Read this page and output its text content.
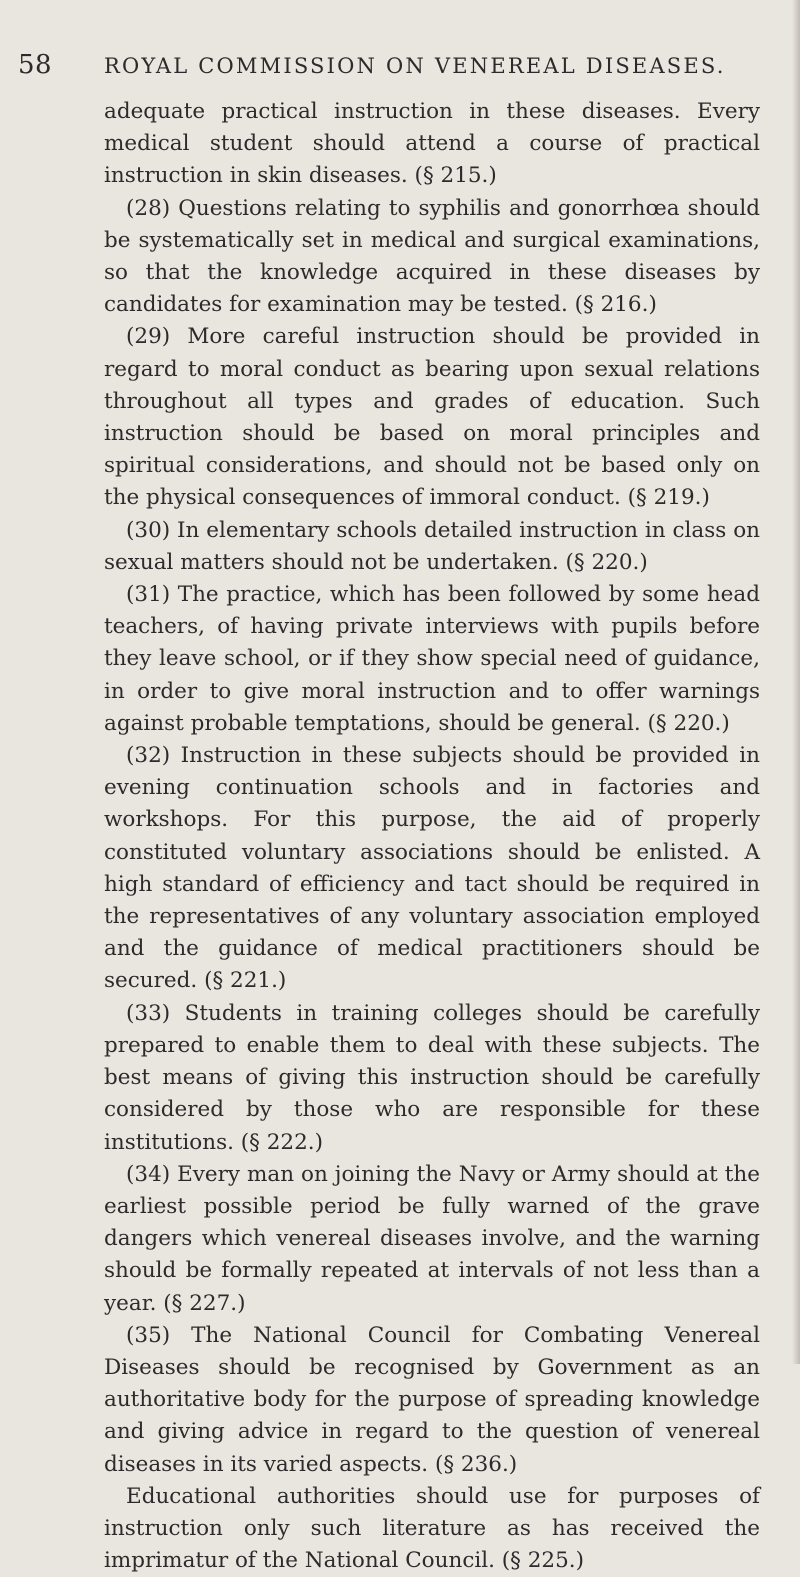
58	ROYAL COMMISSION ON VENEREAL DISEASES.

adequate practical instruction in these diseases. Every medical student should attend a course of practical instruction in skin diseases. (§ 215.)

(28) Questions relating to syphilis and gonorrhœa should be systematically set in medical and surgical examinations, so that the knowledge acquired in these diseases by candidates for examination may be tested. (§ 216.)

(29) More careful instruction should be provided in regard to moral conduct as bearing upon sexual relations throughout all types and grades of education. Such instruction should be based on moral principles and spiritual considerations, and should not be based only on the physical consequences of immoral conduct. (§ 219.)

(30) In elementary schools detailed instruction in class on sexual matters should not be undertaken. (§ 220.)

(31) The practice, which has been followed by some head teachers, of having private interviews with pupils before they leave school, or if they show special need of guidance, in order to give moral instruction and to offer warnings against probable temptations, should be general. (§ 220.)

(32) Instruction in these subjects should be provided in evening continuation schools and in factories and workshops. For this purpose, the aid of properly constituted voluntary associations should be enlisted. A high standard of efficiency and tact should be required in the representatives of any voluntary association employed and the guidance of medical practitioners should be secured. (§ 221.)

(33) Students in training colleges should be carefully prepared to enable them to deal with these subjects. The best means of giving this instruction should be carefully considered by those who are responsible for these institutions. (§ 222.)

(34) Every man on joining the Navy or Army should at the earliest possible period be fully warned of the grave dangers which venereal diseases involve, and the warning should be formally repeated at intervals of not less than a year. (§ 227.)

(35) The National Council for Combating Venereal Diseases should be recognised by Government as an authoritative body for the purpose of spreading knowledge and giving advice in regard to the question of venereal diseases in its varied aspects. (§ 236.)

Educational authorities should use for purposes of instruction only such literature as has received the imprimatur of the National Council. (§ 225.)
